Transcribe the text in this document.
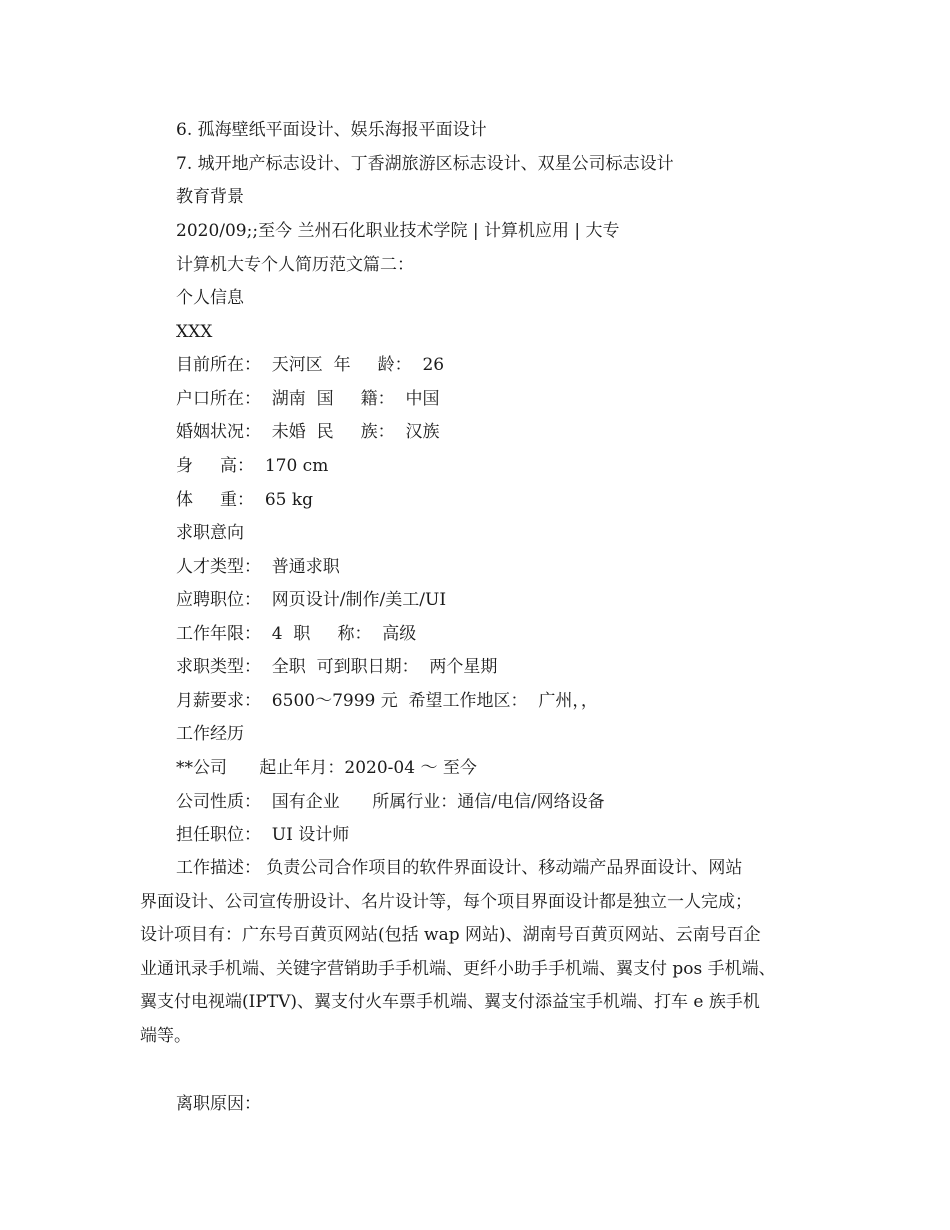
6. 孤海壁纸平面设计、娱乐海报平面设计
7. 城开地产标志设计、丁香湖旅游区标志设计、双星公司标志设计
教育背景
2020/09;;至今 兰州石化职业技术学院 | 计算机应用 | 大专
计算机大专个人简历范文篇二：
个人信息
XXX
目前所在：  天河区  年     龄：  26
户口所在：  湖南  国     籍：  中国
婚姻状况：  未婚  民     族：  汉族
身     高：  170 cm
体     重：  65 kg
求职意向
人才类型：  普通求职
应聘职位：  网页设计/制作/美工/UI
工作年限：  4  职     称：  高级
求职类型：  全职  可到职日期：  两个星期
月薪要求：  6500～7999 元  希望工作地区：  广州，，
工作经历
**公司      起止年月：2020-04 ～ 至今
公司性质：  国有企业      所属行业：通信/电信/网络设备
担任职位：  UI 设计师
工作描述： 负责公司合作项目的软件界面设计、移动端产品界面设计、网站
界面设计、公司宣传册设计、名片设计等，每个项目界面设计都是独立一人完成；
设计项目有：广东号百黄页网站(包括 wap 网站)、湖南号百黄页网站、云南号百企
业通讯录手机端、关键字营销助手手机端、更纤小助手手机端、翼支付 pos 手机端、
翼支付电视端(IPTV)、翼支付火车票手机端、翼支付添益宝手机端、打车 e 族手机
端等。
离职原因：
